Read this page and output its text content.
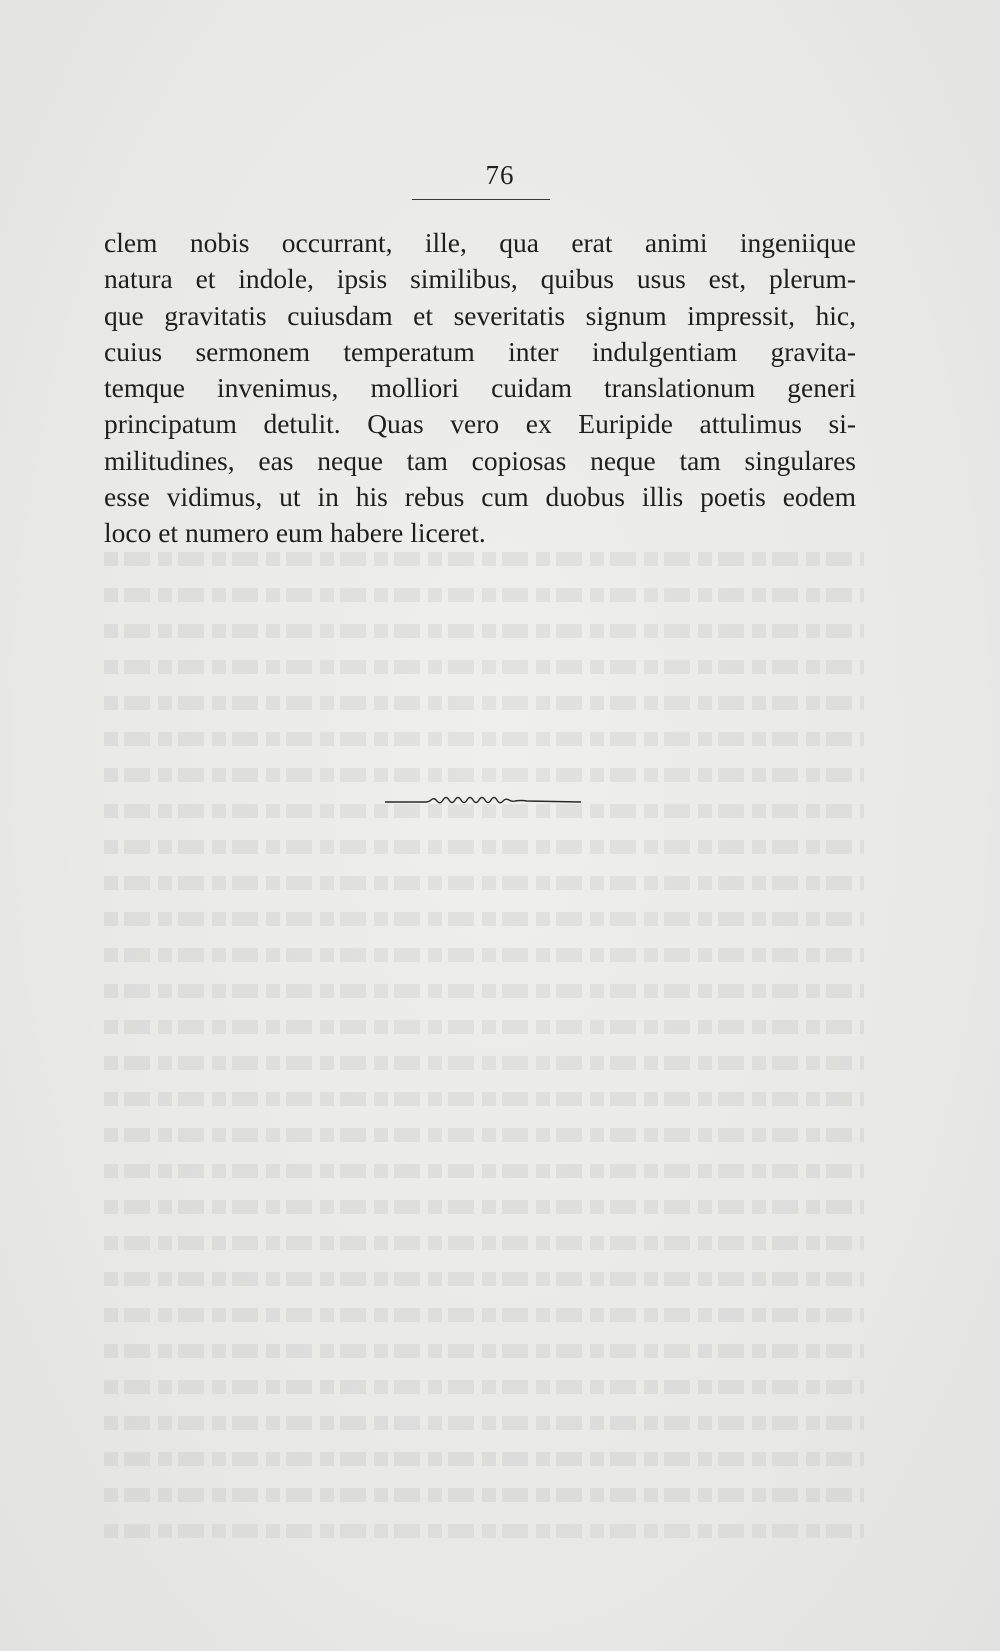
76
clem nobis occurrant, ille, qua erat animi ingeniique
natura et indole, ipsis similibus, quibus usus est, plerum-
que gravitatis cuiusdam et severitatis signum impressit, hic,
cuius sermonem temperatum inter indulgentiam gravita-
temque invenimus, molliori cuidam translationum generi
principatum detulit. Quas vero ex Euripide attulimus si-
militudines, eas neque tam copiosas neque tam singulares
esse vidimus, ut in his rebus cum duobus illis poetis eodem
loco et numero eum habere liceret.
